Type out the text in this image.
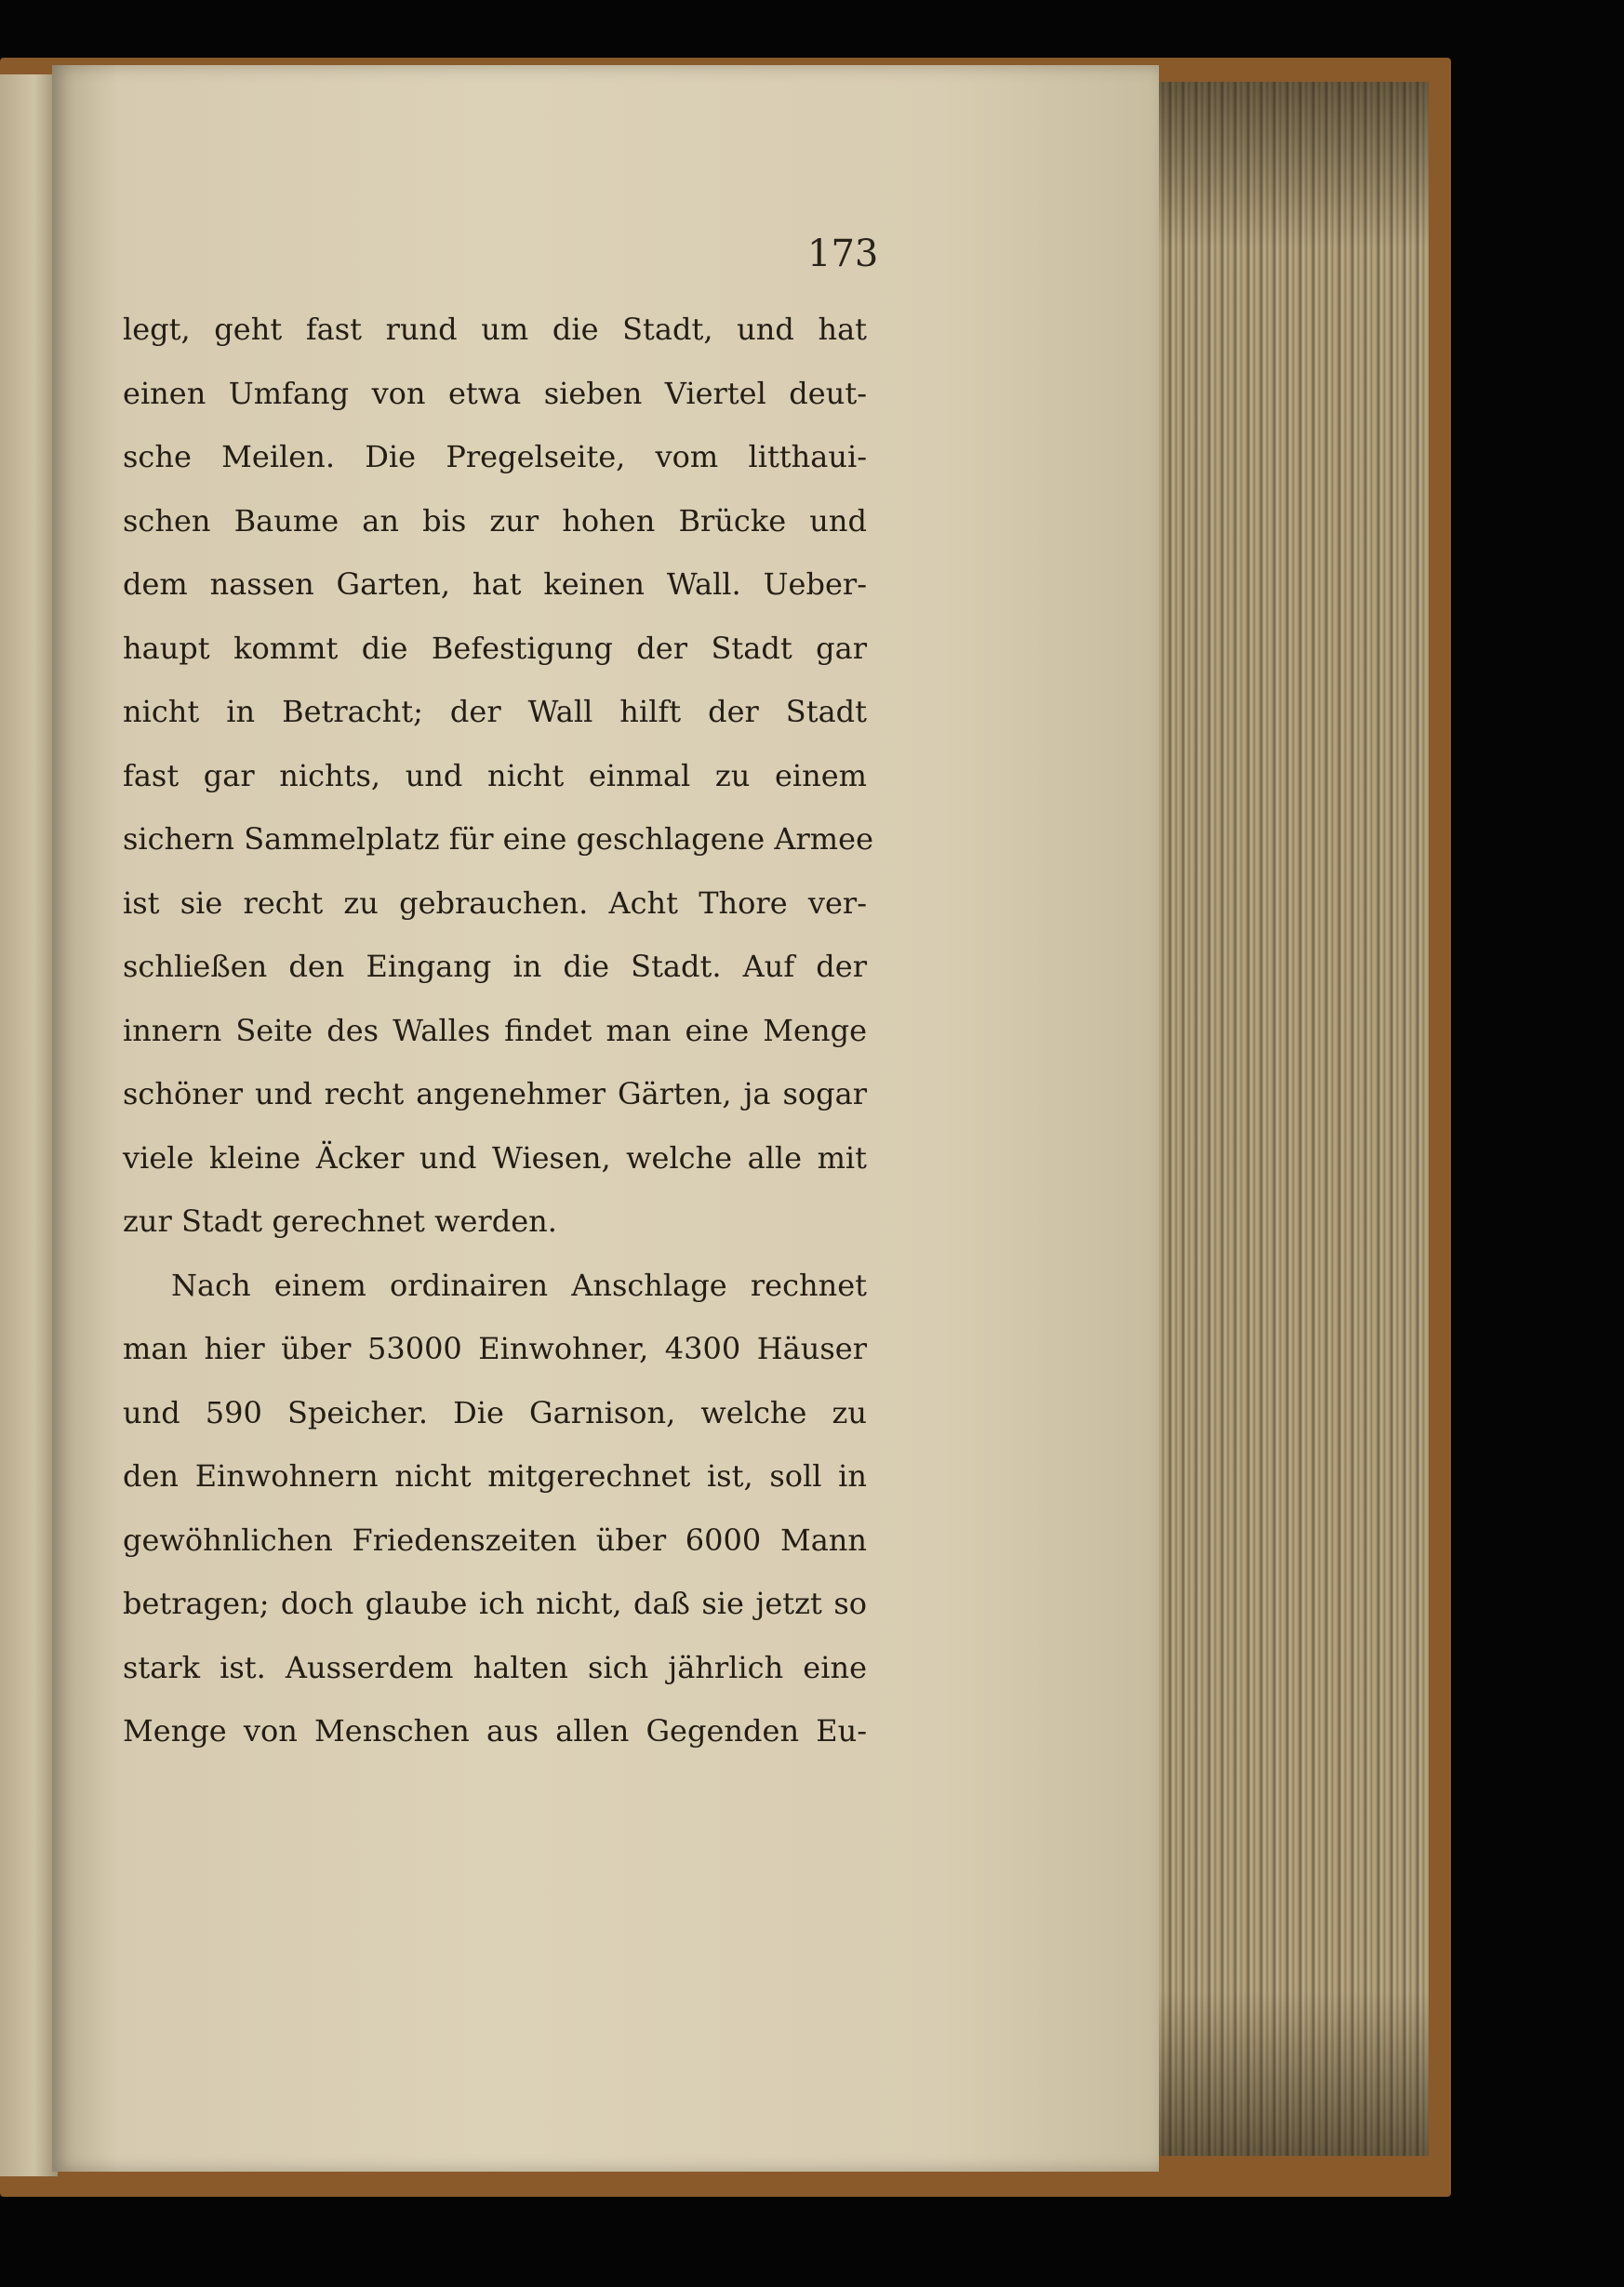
173
legt, geht fast rund um die Stadt, und hat
einen Umfang von etwa sieben Viertel deut-
sche Meilen. Die Pregelseite, vom litthaui-
schen Baume an bis zur hohen Brücke und
dem nassen Garten, hat keinen Wall. Ueber-
haupt kommt die Befestigung der Stadt gar
nicht in Betracht; der Wall hilft der Stadt
fast gar nichts, und nicht einmal zu einem
sichern Sammelplatz für eine geschlagene Armee
ist sie recht zu gebrauchen. Acht Thore ver-
schließen den Eingang in die Stadt. Auf der
innern Seite des Walles findet man eine Menge
schöner und recht angenehmer Gärten, ja sogar
viele kleine Äcker und Wiesen, welche alle mit
zur Stadt gerechnet werden.
Nach einem ordinairen Anschlage rechnet
man hier über 53000 Einwohner, 4300 Häuser
und 590 Speicher. Die Garnison, welche zu
den Einwohnern nicht mitgerechnet ist, soll in
gewöhnlichen Friedenszeiten über 6000 Mann
betragen; doch glaube ich nicht, daß sie jetzt so
stark ist. Ausserdem halten sich jährlich eine
Menge von Menschen aus allen Gegenden Eu-
